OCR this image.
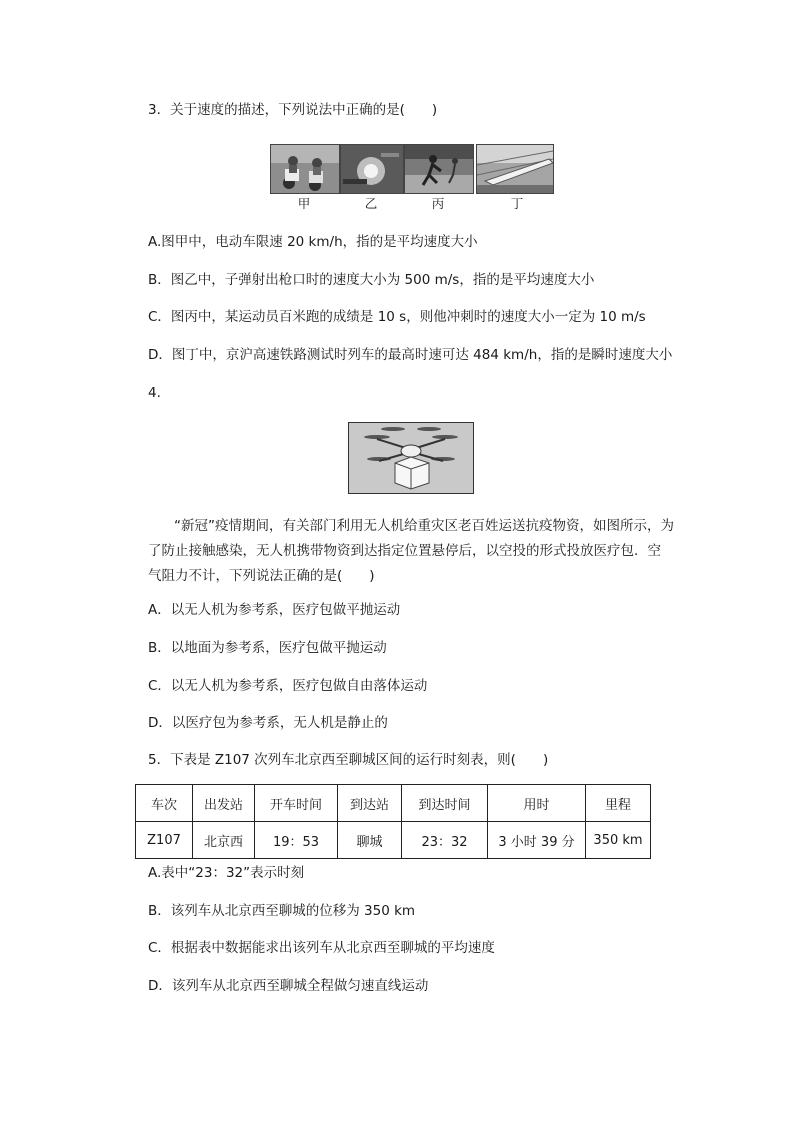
3．关于速度的描述，下列说法中正确的是(　　)
甲	乙	丙	丁
A.图甲中，电动车限速 20 km/h，指的是平均速度大小
B．图乙中，子弹射出枪口时的速度大小为 500 m/s，指的是平均速度大小
C．图丙中，某运动员百米跑的成绩是 10 s，则他冲刺时的速度大小一定为 10 m/s
D．图丁中，京沪高速铁路测试时列车的最高时速可达 484 km/h，指的是瞬时速度大小
4.
“新冠”疫情期间，有关部门利用无人机给重灾区老百姓运送抗疫物资，如图所示，为了防止接触感染，无人机携带物资到达指定位置悬停后，以空投的形式投放医疗包．空气阻力不计，下列说法正确的是(　　)
A．以无人机为参考系，医疗包做平抛运动
B．以地面为参考系，医疗包做平抛运动
C．以无人机为参考系，医疗包做自由落体运动
D．以医疗包为参考系，无人机是静止的
5．下表是 Z107 次列车北京西至聊城区间的运行时刻表，则(　　)
车次	出发站	开车时间	到达站	到达时间	用时	里程
Z107	北京西	19：53	聊城	23：32	3 小时 39 分	350 km
A.表中“23：32”表示时刻
B．该列车从北京西至聊城的位移为 350 km
C．根据表中数据能求出该列车从北京西至聊城的平均速度
D．该列车从北京西至聊城全程做匀速直线运动
